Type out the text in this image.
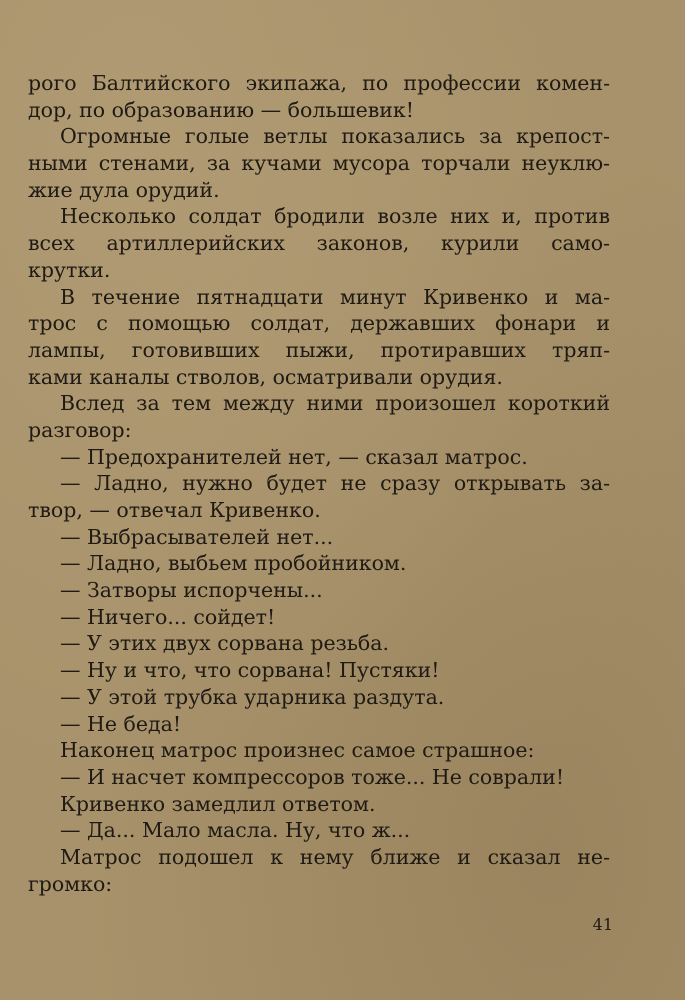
рого Балтийского экипажа, по профессии комен-
дор, по образованию — большевик!
Огромные голые ветлы показались за крепост-
ными стенами, за кучами мусора торчали неуклю-
жие дула орудий.
Несколько солдат бродили возле них и, против
всех артиллерийских законов, курили само-
крутки.
В течение пятнадцати минут Кривенко и ма-
трос с помощью солдат, державших фонари и
лампы, готовивших пыжи, протиравших тряп-
ками каналы стволов, осматривали орудия.
Вслед за тем между ними произошел короткий
разговор:
— Предохранителей нет, — сказал матрос.
— Ладно, нужно будет не сразу открывать за-
твор, — отвечал Кривенко.
— Выбрасывателей нет...
— Ладно, выбьем пробойником.
— Затворы испорчены...
— Ничего... сойдет!
— У этих двух сорвана резьба.
— Ну и что, что сорвана! Пустяки!
— У этой трубка ударника раздута.
— Не беда!
Наконец матрос произнес самое страшное:
— И насчет компрессоров тоже... Не соврали!
Кривенко замедлил ответом.
— Да... Мало масла. Ну, что ж...
Матрос подошел к нему ближе и сказал не-
громко:
41
